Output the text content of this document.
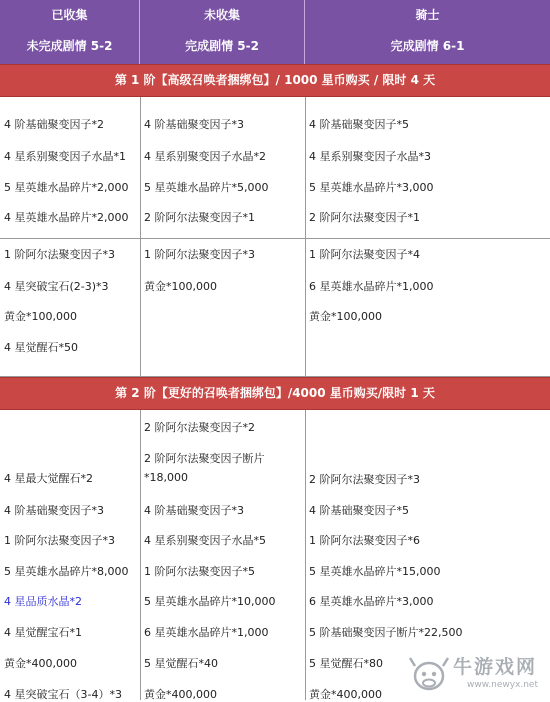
已收集
未完成剧情 5-2
未收集
完成剧情 5-2
骑士
完成剧情 6-1
第 1 阶【高级召唤者捆绑包】/ 1000 星币购买 / 限时 4 天
4 阶基础聚变因子*2
4 星系别聚变因子水晶*1
5 星英雄水晶碎片*2,000
4 星英雄水晶碎片*2,000
4 阶基础聚变因子*3
4 星系别聚变因子水晶*2
5 星英雄水晶碎片*5,000
2 阶阿尔法聚变因子*1
4 阶基础聚变因子*5
4 星系别聚变因子水晶*3
5 星英雄水晶碎片*3,000
2 阶阿尔法聚变因子*1
1 阶阿尔法聚变因子*3
4 星突破宝石(2-3)*3
黄金*100,000
4 星觉醒石*50
1 阶阿尔法聚变因子*3
黄金*100,000
1 阶阿尔法聚变因子*4
6 星英雄水晶碎片*1,000
黄金*100,000
第 2 阶【更好的召唤者捆绑包】/4000 星币购买/限时 1 天
4 星最大觉醒石*2
4 阶基础聚变因子*3
1 阶阿尔法聚变因子*3
5 星英雄水晶碎片*8,000
4 星品质水晶*2
4 星觉醒宝石*1
黄金*400,000
4 星突破宝石（3-4）*3
2 阶阿尔法聚变因子*2
2 阶阿尔法聚变因子断片
*18,000
4 阶基础聚变因子*3
4 星系别聚变因子水晶*5
1 阶阿尔法聚变因子*5
5 星英雄水晶碎片*10,000
6 星英雄水晶碎片*1,000
5 星觉醒石*40
黄金*400,000
2 阶阿尔法聚变因子*3
4 阶基础聚变因子*5
1 阶阿尔法聚变因子*6
5 星英雄水晶碎片*15,000
6 星英雄水晶碎片*3,000
5 阶基础聚变因子断片*22,500
5 星觉醒石*80
黄金*400,000
牛游戏网
www.newyx.net
